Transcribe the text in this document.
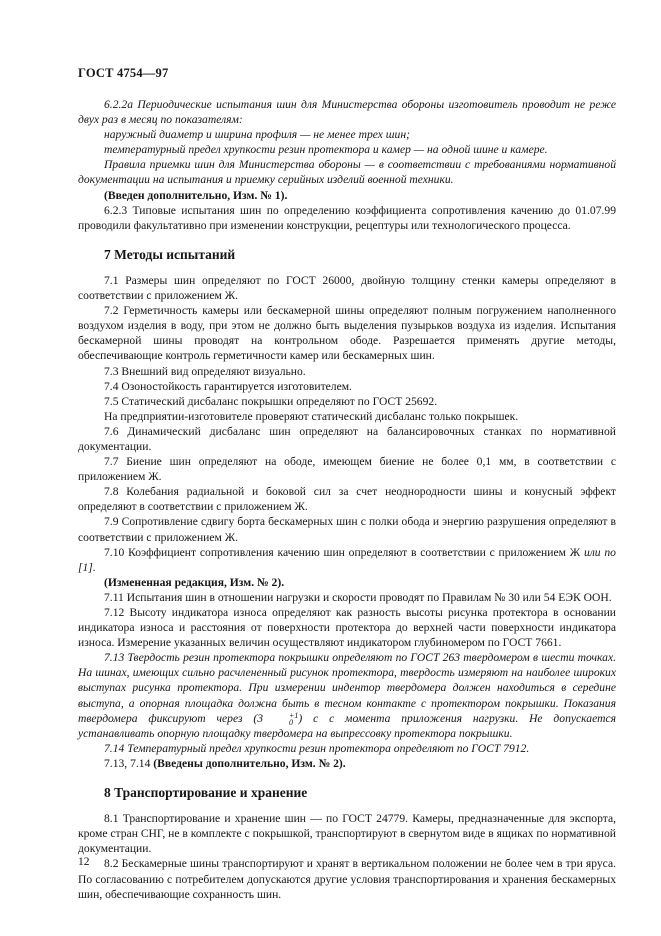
ГОСТ 4754—97

6.2.2а Периодические испытания шин для Министерства обороны изготовитель проводит не реже двух раз в месяц по показателям:

наружный диаметр и ширина профиля — не менее трех шин;

температурный предел хрупкости резин протектора и камер — на одной шине и камере.

Правила приемки шин для Министерства обороны — в соответствии с требованиями нормативной документации на испытания и приемку серийных изделий военной техники.

(Введен дополнительно, Изм. № 1).

6.2.3 Типовые испытания шин по определению коэффициента сопротивления качению до 01.07.99 проводили факультативно при изменении конструкции, рецептуры или технологического процесса.

7 Методы испытаний

7.1 Размеры шин определяют по ГОСТ 26000, двойную толщину стенки камеры определяют в соответствии с приложением Ж.

7.2 Герметичность камеры или бескамерной шины определяют полным погружением наполненного воздухом изделия в воду, при этом не должно быть выделения пузырьков воздуха из изделия. Испытания бескамерной шины проводят на контрольном ободе. Разрешается применять другие методы, обеспечивающие контроль герметичности камер или бескамерных шин.

7.3 Внешний вид определяют визуально.

7.4 Озоностойкость гарантируется изготовителем.

7.5 Статический дисбаланс покрышки определяют по ГОСТ 25692.

На предприятии-изготовителе проверяют статический дисбаланс только покрышек.

7.6 Динамический дисбаланс шин определяют на балансировочных станках по нормативной документации.

7.7 Биение шин определяют на ободе, имеющем биение не более 0,1 мм, в соответствии с приложением Ж.

7.8 Колебания радиальной и боковой сил за счет неоднородности шины и конусный эффект определяют в соответствии с приложением Ж.

7.9 Сопротивление сдвигу борта бескамерных шин с полки обода и энергию разрушения определяют в соответствии с приложением Ж.

7.10 Коэффициент сопротивления качению шин определяют в соответствии с приложением Ж или по [1].

(Измененная редакция, Изм. № 2).

7.11 Испытания шин в отношении нагрузки и скорости проводят по Правилам № 30 или 54 ЕЭК ООН.

7.12 Высоту индикатора износа определяют как разность высоты рисунка протектора в основании индикатора износа и расстояния от поверхности протектора до верхней части поверхности индикатора износа. Измерение указанных величин осуществляют индикатором глубиномером по ГОСТ 7661.

7.13 Твердость резин протектора покрышки определяют по ГОСТ 263 твердомером в шести точках. На шинах, имеющих сильно расчлененный рисунок протектора, твердость измеряют на наиболее широких выступах рисунка протектора. При измерении индентор твердомера должен находиться в середине выступа, а опорная площадка должна быть в тесном контакте с протектором покрышки. Показания твердомера фиксируют через (3	+1
0 ) с с момента приложения нагрузки. Не допускается устанавливать опорную площадку твердомера на выпрессовку протектора покрышки.

7.14 Температурный предел хрупкости резин протектора определяют по ГОСТ 7912.

7.13, 7.14 (Введены дополнительно, Изм. № 2).

8 Транспортирование и хранение

8.1 Транспортирование и хранение шин — по ГОСТ 24779. Камеры, предназначенные для экспорта, кроме стран СНГ, не в комплекте с покрышкой, транспортируют в свернутом виде в ящиках по нормативной документации.

8.2 Бескамерные шины транспортируют и хранят в вертикальном положении не более чем в три яруса. По согласованию с потребителем допускаются другие условия транспортирования и хранения бескамерных шин, обеспечивающие сохранность шин.

12
